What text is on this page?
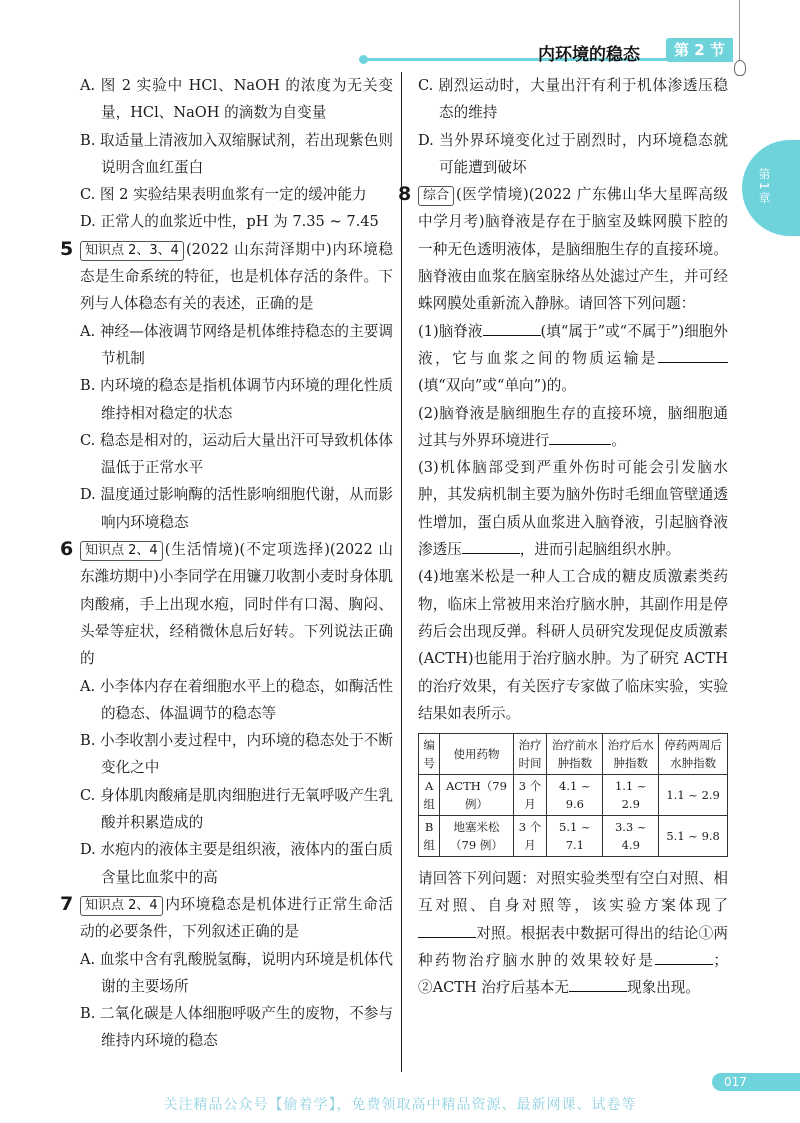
内环境的稳态	第 2 节
第1章

A. 图 2 实验中 HCl、NaOH 的浓度为无关变量，HCl、NaOH 的滴数为自变量

B. 取适量上清液加入双缩脲试剂，若出现紫色则说明含血红蛋白

C. 图 2 实验结果表明血浆有一定的缓冲能力

D. 正常人的血浆近中性，pH 为 7.35 ~ 7.45

5 知识点 2、3、4 (2022 山东菏泽期中)内环境稳态是生命系统的特征，也是机体存活的条件。下列与人体稳态有关的表述，正确的是

A. 神经—体液调节网络是机体维持稳态的主要调节机制

B. 内环境的稳态是指机体调节内环境的理化性质维持相对稳定的状态

C. 稳态是相对的，运动后大量出汗可导致机体体温低于正常水平

D. 温度通过影响酶的活性影响细胞代谢，从而影响内环境稳态

6 知识点 2、4 (生活情境)(不定项选择)(2022 山东潍坊期中)小李同学在用镰刀收割小麦时身体肌肉酸痛，手上出现水疱，同时伴有口渴、胸闷、头晕等症状，经稍微休息后好转。下列说法正确的

A. 小李体内存在着细胞水平上的稳态，如酶活性的稳态、体温调节的稳态等

B. 小李收割小麦过程中，内环境的稳态处于不断变化之中

C. 身体肌肉酸痛是肌肉细胞进行无氧呼吸产生乳酸并积累造成的

D. 水疱内的液体主要是组织液，液体内的蛋白质含量比血浆中的高

7 知识点 2、4 内环境稳态是机体进行正常生命活动的必要条件，下列叙述正确的是

A. 血浆中含有乳酸脱氢酶，说明内环境是机体代谢的主要场所

B. 二氧化碳是人体细胞呼吸产生的废物，不参与维持内环境的稳态

C. 剧烈运动时，大量出汗有利于机体渗透压稳态的维持

D. 当外界环境变化过于剧烈时，内环境稳态就可能遭到破坏

8 综合 (医学情境)(2022 广东佛山华大星晖高级中学月考)脑脊液是存在于脑室及蛛网膜下腔的一种无色透明液体，是脑细胞生存的直接环境。脑脊液由血浆在脑室脉络丛处滤过产生，并可经蛛网膜处重新流入静脉。请回答下列问题：

(1)脑脊液	(填“属于”或“不属于”)细胞外液，它与血浆之间的物质运输是(填“双向”或“单向”)的。

(2)脑脊液是脑细胞生存的直接环境，脑细胞通过其与外界环境进行	。

(3)机体脑部受到严重外伤时可能会引发脑水肿，其发病机制主要为脑外伤时毛细血管壁通透性增加，蛋白质从血浆进入脑脊液，引起脑脊液渗透压	，进而引起脑组织水肿。

(4)地塞米松是一种人工合成的糖皮质激素类药物，临床上常被用来治疗脑水肿，其副作用是停药后会出现反弹。科研人员研究发现促皮质激素(ACTH)也能用于治疗脑水肿。为了研究 ACTH 的治疗效果，有关医疗专家做了临床实验，实验结果如表所示。

编号	使用药物	治疗时间	治疗前水肿指数	治疗后水肿指数	停药两周后水肿指数
A 组	ACTH（79 例）	3 个月	4.1 ~ 9.6	1.1 ~ 2.9	1.1 ~ 2.9
B 组	地塞米松（79 例）	3 个月	5.1 ~ 7.1	3.3 ~ 4.9	5.1 ~ 9.8

请回答下列问题：对照实验类型有空白对照、相互对照、自身对照等，该实验方案体现了对照。根据表中数据可得出的结论①两种药物治疗脑水肿的效果较好是	；②ACTH 治疗后基本无	现象出现。

017
关注精品公众号【偷着学】，免费领取高中精品资源、最新网课、试卷等
